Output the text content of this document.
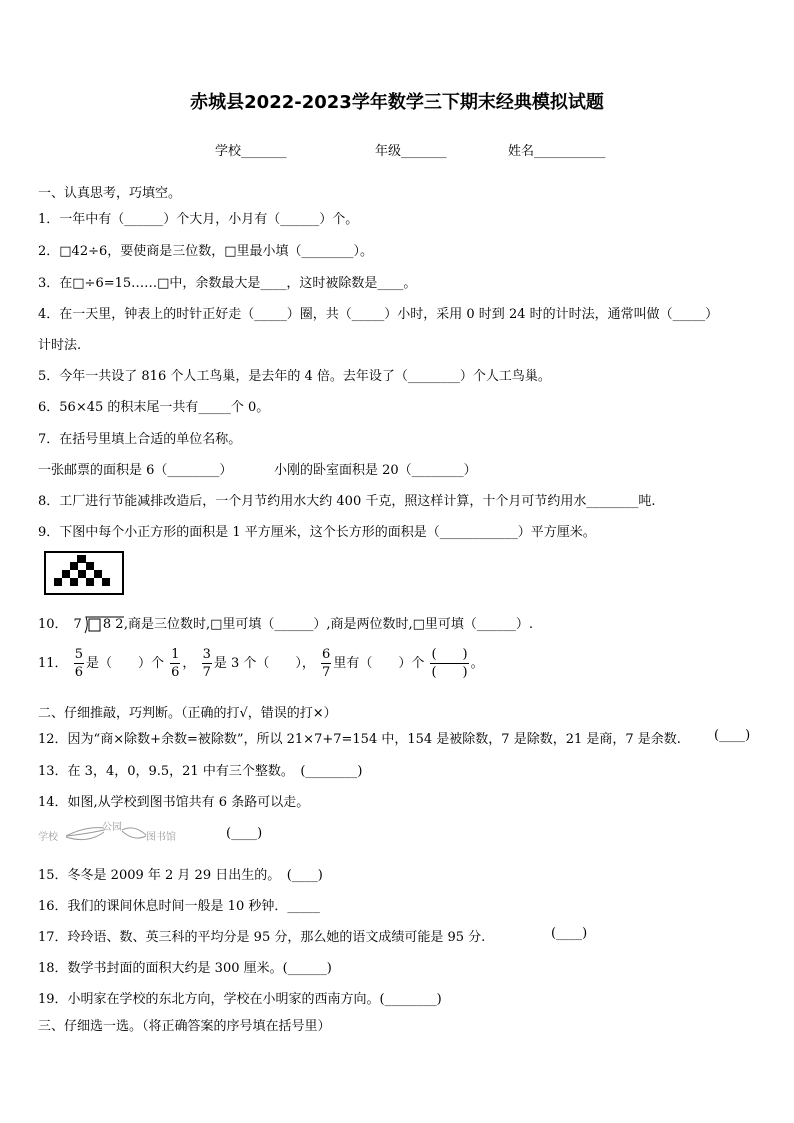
赤城县2022-2023学年数学三下期末经典模拟试题
学校_______	年级_______	姓名___________
一、认真思考，巧填空。
1．一年中有（______）个大月，小月有（______）个。
2．□42÷6，要使商是三位数，□里最小填（________）。
3．在□÷6=15……□中，余数最大是____，这时被除数是____。
4．在一天里，钟表上的时针正好走（_____）圈，共（_____）小时，采用 0 时到 24 时的计时法，通常叫做（_____）
计时法.
5．今年一共设了 816 个人工鸟巢，是去年的 4 倍。去年设了（________）个人工鸟巢。
6．56×45 的积末尾一共有_____个 0。
7．在括号里填上合适的单位名称。
一张邮票的面积是 6（________）	小刚的卧室面积是 20（________）
8．工厂进行节能减排改造后，一个月节约用水大约 400 千克，照这样计算，十个月可节约用水________吨.
9．下图中每个小正方形的面积是 1 平方厘米，这个长方形的面积是（____________）平方厘米。
10． 7 8 2 ,商是三位数时,□里可填（______）,商是两位数时,□里可填（______）.
11． $\frac{5}{6}$ 是（　　）个 $\frac{1}{6}$ ， $\frac{3}{7}$ 是 3 个（　　）， $\frac{6}{7}$ 里有（　　）个 $\frac{( )}{( )}$ 。
二、仔细推敲，巧判断。（正确的打√，错误的打×）
12．因为“商×除数+余数=被除数”，所以 21×7+7=154 中，154 是被除数，7 是除数，21 是商，7 是余数.	(____)
13．在 3，4，0，9.5，21 中有三个整数。　(________)
14．如图,从学校到图书馆共有 6 条路可以走。
学校
公园
图书馆	(____)
15．冬冬是 2009 年 2 月 29 日出生的。　(____)
16．我们的课间休息时间一般是 10 秒钟．_____
17．玲玲语、数、英三科的平均分是 95 分，那么她的语文成绩可能是 95 分.	(____)
18．数学书封面的面积大约是 300 厘米。(______)
19．小明家在学校的东北方向，学校在小明家的西南方向。(________)
三、仔细选一选。（将正确答案的序号填在括号里）
